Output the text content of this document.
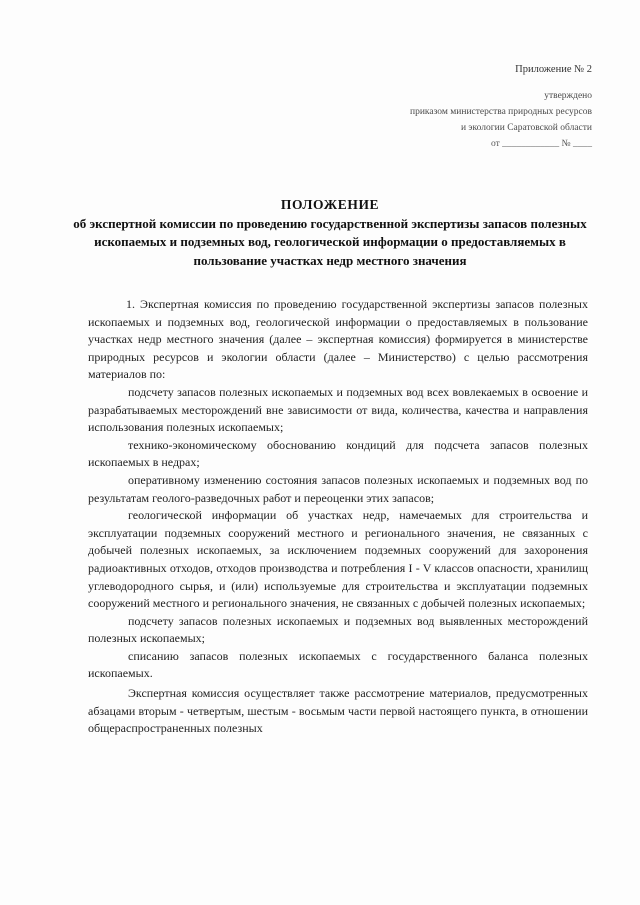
Приложение № 2
утверждено
приказом министерства природных ресурсов
и экологии Саратовской области
от ____________ № ____
ПОЛОЖЕНИЕ
об экспертной комиссии по проведению государственной экспертизы запасов полезных ископаемых и подземных вод, геологической информации о предоставляемых в пользование участках недр местного значения

1. Экспертная комиссия по проведению государственной экспертизы запасов полезных ископаемых и подземных вод, геологической информации о предоставляемых в пользование участках недр местного значения (далее – экспертная комиссия) формируется в министерстве природных ресурсов и экологии области (далее – Министерство) с целью рассмотрения материалов по:

подсчету запасов полезных ископаемых и подземных вод всех вовлекаемых в освоение и разрабатываемых месторождений вне зависимости от вида, количества, качества и направления использования полезных ископаемых;

технико-экономическому обоснованию кондиций для подсчета запасов полезных ископаемых в недрах;

оперативному изменению состояния запасов полезных ископаемых и подземных вод по результатам геолого-разведочных работ и переоценки этих запасов;

геологической информации об участках недр, намечаемых для строительства и эксплуатации подземных сооружений местного и регионального значения, не связанных с добычей полезных ископаемых, за исключением подземных сооружений для захоронения радиоактивных отходов, отходов производства и потребления I - V классов опасности, хранилищ углеводородного сырья, и (или) используемые для строительства и эксплуатации подземных сооружений местного и регионального значения, не связанных с добычей полезных ископаемых;

подсчету запасов полезных ископаемых и подземных вод выявленных месторождений полезных ископаемых;

списанию запасов полезных ископаемых с государственного баланса полезных ископаемых.

Экспертная комиссия осуществляет также рассмотрение материалов, предусмотренных абзацами вторым - четвертым, шестым - восьмым части первой настоящего пункта, в отношении общераспространенных полезных
